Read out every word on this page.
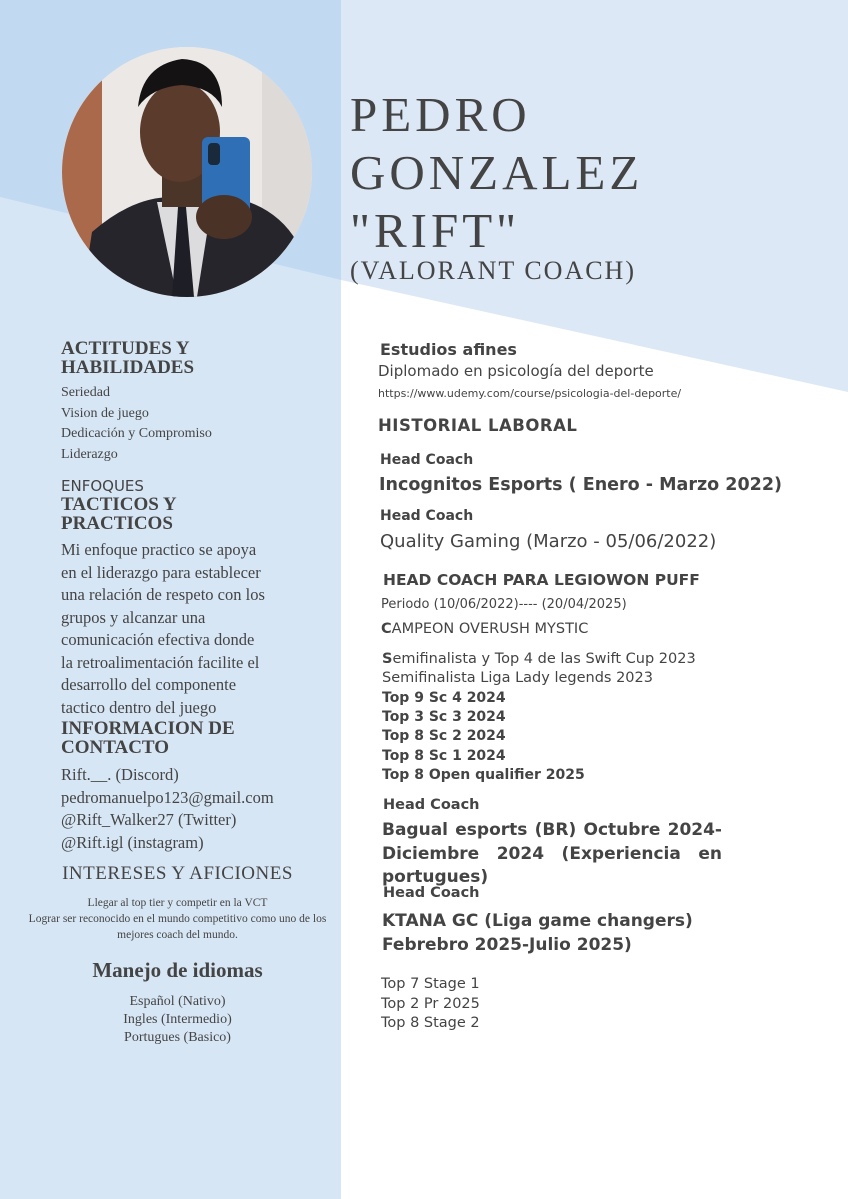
PEDRO
GONZALEZ
"RIFT"
(VALORANT COACH)
ACTITUDES Y
HABILIDADES
Seriedad
Vision de juego
Dedicación y Compromiso
Liderazgo
ENFOQUES
TACTICOS Y
PRACTICOS
Mi enfoque practico se apoya
en el liderazgo para establecer
una relación de respeto con los
grupos y alcanzar una
comunicación efectiva donde
la retroalimentación facilite el
desarrollo del componente
tactico dentro del juego
INFORMACION DE
CONTACTO
Rift.__. (Discord)
pedromanuelpo123@gmail.com
@Rift_Walker27 (Twitter)
@Rift.igl (instagram)
INTERESES Y AFICIONES
Llegar al top tier y competir en la VCT
Lograr ser reconocido en el mundo competitivo como uno de los
mejores coach del mundo.
Manejo de idiomas
Español (Nativo)
Ingles (Intermedio)
Portugues (Basico)
Estudios afines
Diplomado en psicología del deporte
https://www.udemy.com/course/psicologia-del-deporte/
HISTORIAL LABORAL
Head Coach
Incognitos Esports ( Enero - Marzo 2022)
Head Coach
Quality Gaming (Marzo - 05/06/2022)
HEAD COACH PARA LEGIOWON PUFF
Periodo (10/06/2022)---- (20/04/2025)
CAMPEON OVERUSH MYSTIC
Semifinalista y Top 4 de las Swift Cup 2023
Semifinalista Liga Lady legends 2023
Top 9 Sc 4 2024
Top 3 Sc 3 2024
Top 8 Sc 2 2024
Top 8 Sc 1 2024
Top 8 Open qualifier 2025
Head Coach
Bagual esports (BR) Octubre 2024-
Diciembre 2024 (Experiencia en
portugues)
Head Coach
KTANA GC (Liga game changers)
Febrebro 2025-Julio 2025)
Top 7 Stage 1
Top 2 Pr 2025
Top 8 Stage 2
